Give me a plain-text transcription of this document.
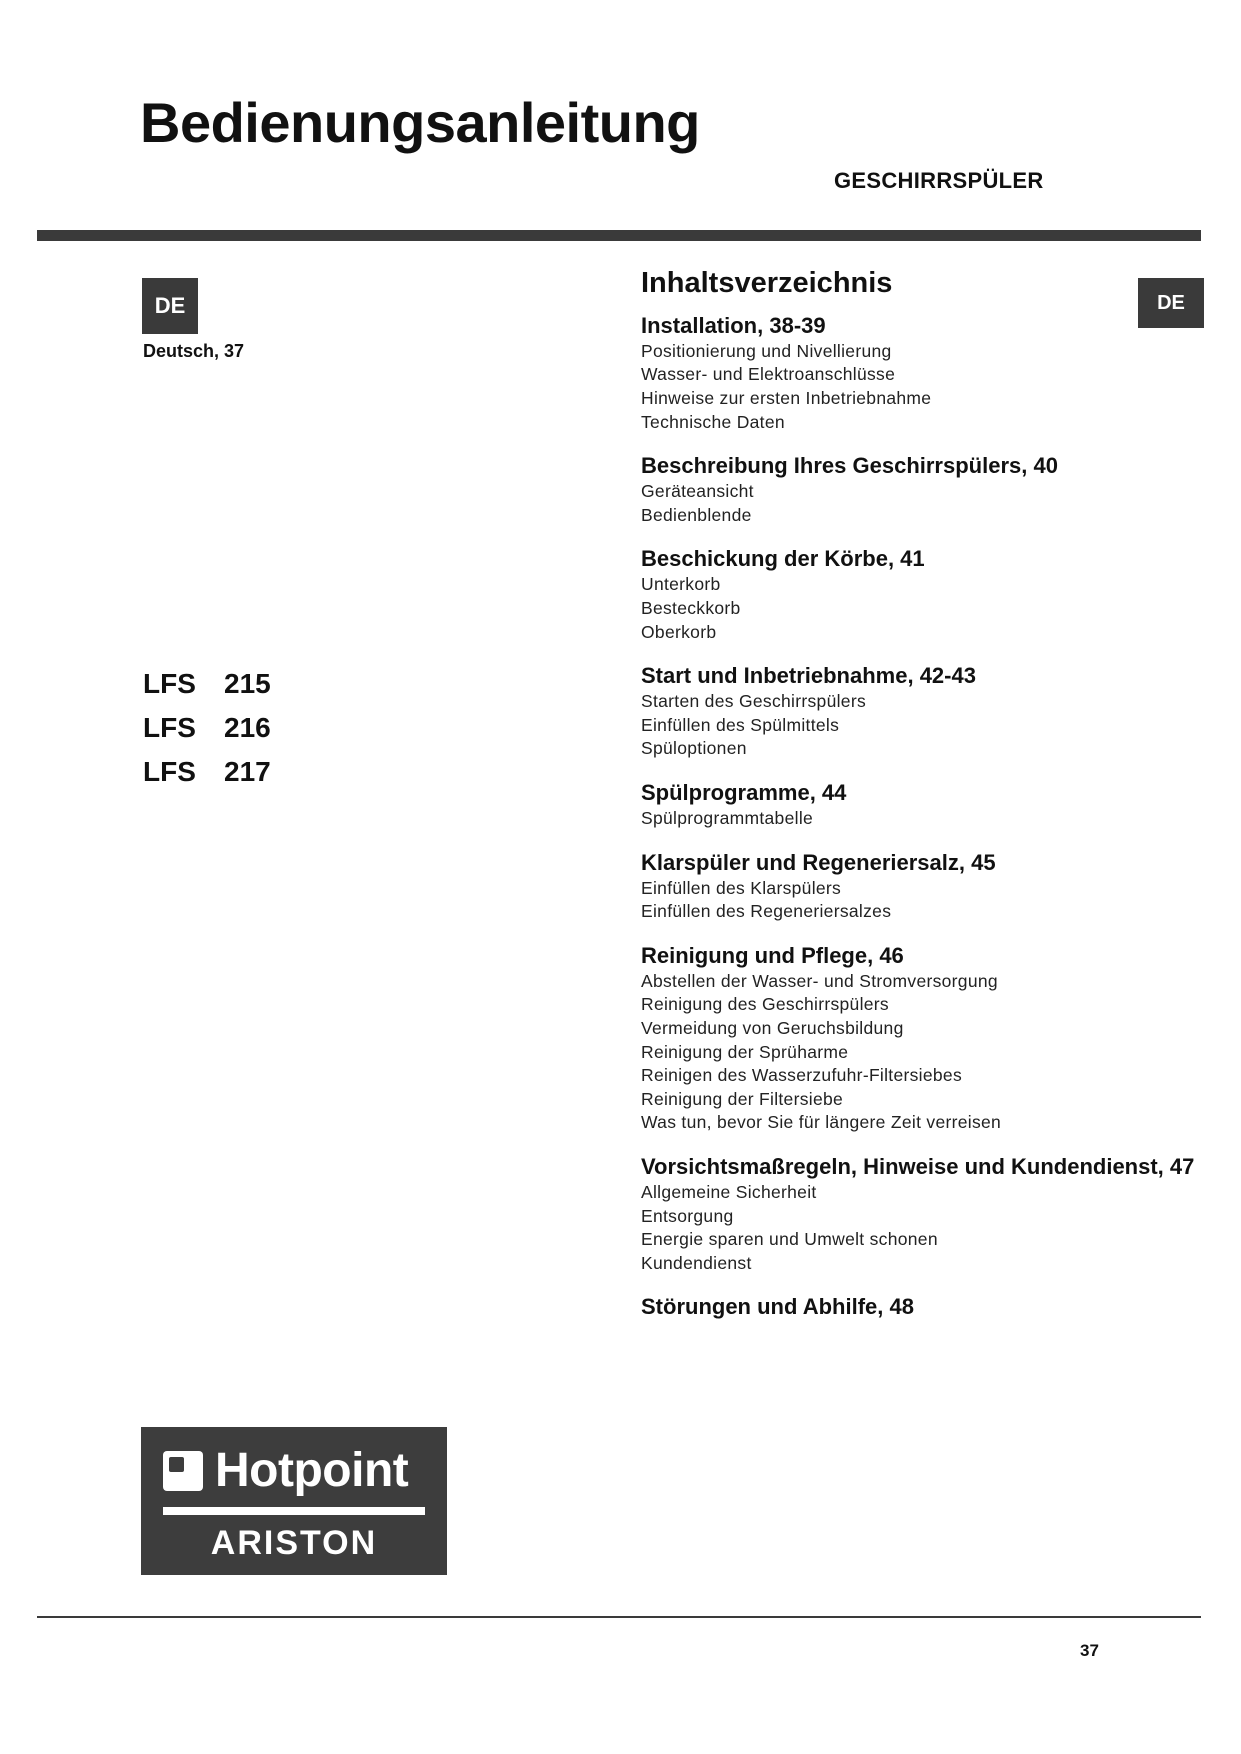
Bedienungsanleitung
GESCHIRRSPÜLER
DE
Deutsch, 37
DE
LFS	215
LFS	216
LFS	217
Inhaltsverzeichnis
Installation, 38-39
Positionierung und Nivellierung
Wasser- und Elektroanschlüsse
Hinweise zur ersten Inbetriebnahme
Technische Daten
Beschreibung Ihres Geschirrspülers, 40
Geräteansicht
Bedienblende
Beschickung der Körbe, 41
Unterkorb
Besteckkorb
Oberkorb
Start und Inbetriebnahme, 42-43
Starten des Geschirrspülers
Einfüllen des Spülmittels
Spüloptionen
Spülprogramme, 44
Spülprogrammtabelle
Klarspüler und Regeneriersalz, 45
Einfüllen des Klarspülers
Einfüllen des Regeneriersalzes
Reinigung und Pflege, 46
Abstellen der Wasser- und Stromversorgung
Reinigung des Geschirrspülers
Vermeidung von Geruchsbildung
Reinigung der Sprüharme
Reinigen des Wasserzufuhr-Filtersiebes
Reinigung der Filtersiebe
Was tun, bevor Sie für längere Zeit verreisen
Vorsichtsmaßregeln, Hinweise und Kundendienst, 47
Allgemeine Sicherheit
Entsorgung
Energie sparen und Umwelt schonen
Kundendienst
Störungen und Abhilfe, 48
Hotpoint
ARISTON
37
